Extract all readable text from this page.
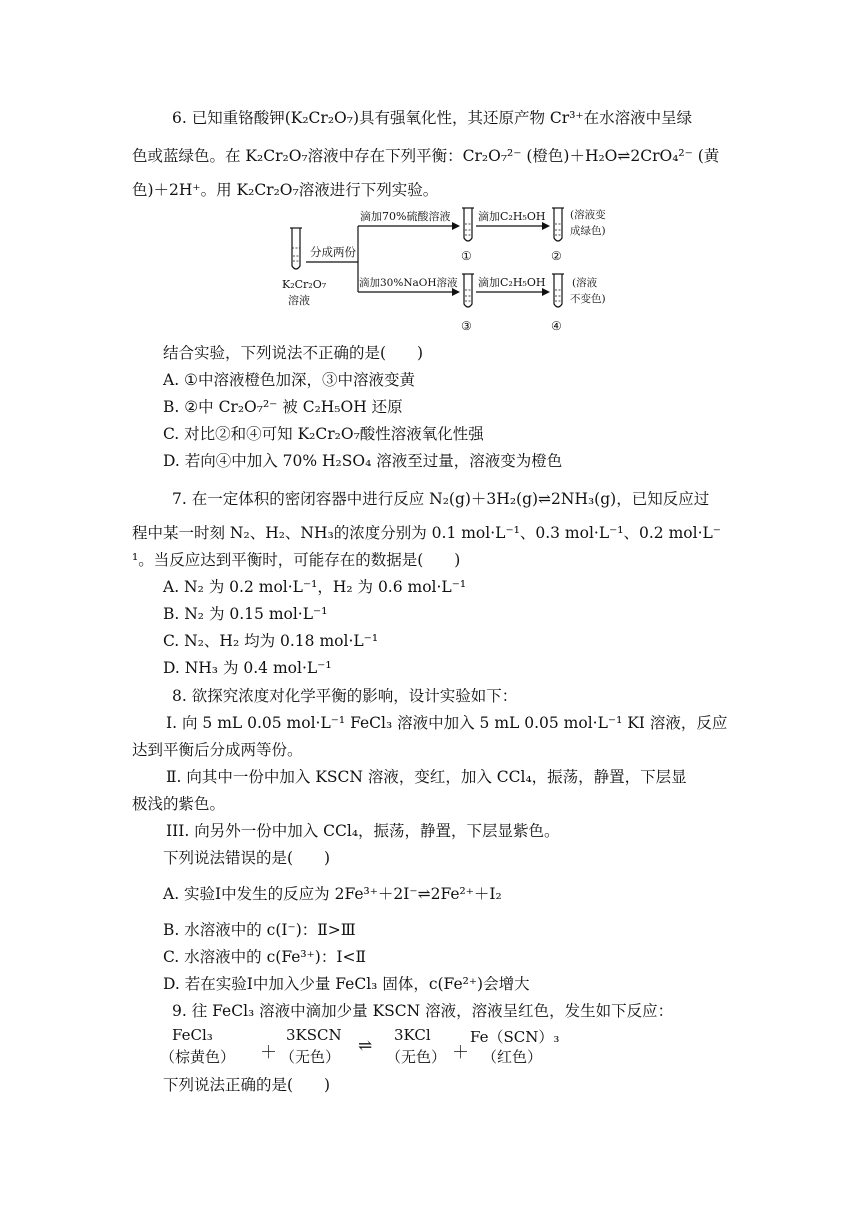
6. 已知重铬酸钾(K₂Cr₂O₇)具有强氧化性，其还原产物 Cr³⁺在水溶液中呈绿
色或蓝绿色。在 K₂Cr₂O₇溶液中存在下列平衡：Cr₂O₇²⁻ (橙色)＋H₂O⇌2CrO₄²⁻ (黄
色)＋2H⁺。用 K₂Cr₂O₇溶液进行下列实验。
K₂Cr₂O₇
溶液
分成两份
滴加70%硫酸溶液
①
滴加C₂H₅OH
②
(溶液变
成绿色)
滴加30%NaOH溶液
③
滴加C₂H₅OH
④
(溶液
不变色)
结合实验，下列说法不正确的是(　　)
A. ①中溶液橙色加深，③中溶液变黄
B. ②中 Cr₂O₇²⁻ 被 C₂H₅OH 还原
C. 对比②和④可知 K₂Cr₂O₇酸性溶液氧化性强
D. 若向④中加入 70% H₂SO₄ 溶液至过量，溶液变为橙色
7. 在一定体积的密闭容器中进行反应 N₂(g)＋3H₂(g)⇌2NH₃(g)，已知反应过
程中某一时刻 N₂、H₂、NH₃的浓度分别为 0.1 mol·L⁻¹、0.3 mol·L⁻¹、0.2 mol·L⁻
¹。当反应达到平衡时，可能存在的数据是(　　)
A. N₂ 为 0.2 mol·L⁻¹，H₂ 为 0.6 mol·L⁻¹
B. N₂ 为 0.15 mol·L⁻¹
C. N₂、H₂ 均为 0.18 mol·L⁻¹
D. NH₃ 为 0.4 mol·L⁻¹
8. 欲探究浓度对化学平衡的影响，设计实验如下：
Ⅰ. 向 5 mL 0.05 mol·L⁻¹ FeCl₃ 溶液中加入 5 mL 0.05 mol·L⁻¹ KI 溶液，反应
达到平衡后分成两等份。
Ⅱ. 向其中一份中加入 KSCN 溶液，变红，加入 CCl₄，振荡，静置，下层显
极浅的紫色。
III. 向另外一份中加入 CCl₄，振荡，静置，下层显紫色。
下列说法错误的是(　　)
A. 实验Ⅰ中发生的反应为 2Fe³⁺＋2I⁻⇌2Fe²⁺＋I₂
B. 水溶液中的 c(I⁻)：Ⅱ>Ⅲ
C. 水溶液中的 c(Fe³⁺)：Ⅰ<Ⅱ
D. 若在实验Ⅰ中加入少量 FeCl₃ 固体，c(Fe²⁺)会增大
9. 往 FeCl₃ 溶液中滴加少量 KSCN 溶液，溶液呈红色，发生如下反应：
FeCl₃
（棕黄色） ＋
3KSCN
（无色）
⇌
3KCl
（无色） ＋
Fe（SCN）₃
（红色）
下列说法正确的是(　　)
